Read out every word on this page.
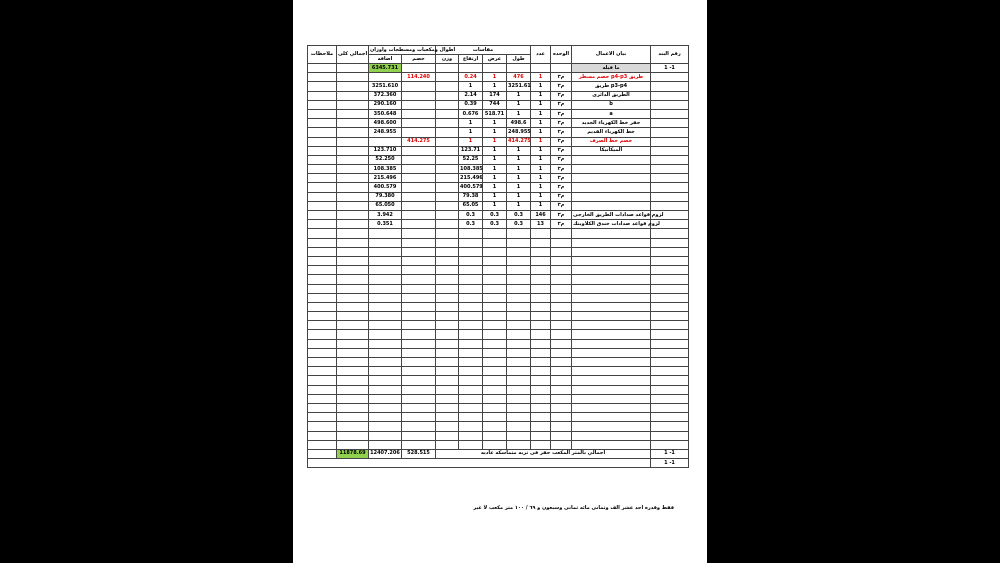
ملاحظات	اجمالي كلى	اطوال ومكعبات ومسطحات واوزان		مقاسات				عدد	الوحده	بيان الاعمال	رقم البند
		اضافه	خصم	وزن	ارتفاع	عرض	طول				
		6345.731								ما قبله	1 -1
			114.240		0.24	1	476	1	م٣	خصم مسطر p4-p3 طريق	
		3251.610			1	1	3251.61	1	م٣	طريق p3-p4	
		372.360			2.14	174	1	1	م٣	الطريق الدائرى	
		290.160			0.39	744	1	1	م٣	b	
		350.648			0.676	518.71	1	1	م٣	a	
		498.600			1	1	498.6	1	م٣	حفر خط الكهرباء الجديد	
		248.955			1	1	248.955	1	م٣	خط الكهرباء القديم	
			414.275		1	1	414.275	1	م٣	خصم خط الصرف	
		123.710			123.71	1	1	1	م٣	الميكانيكا	
		52.250			52.25	1	1	1	م٣		
		108.385			108.385	1	1	1	م٣		
		215.496			215.496	1	1	1	م٣		
		400.579			400.579	1	1	1	م٣		
		79.380			79.38	1	1	1	م٣		
		65.050			65.05	1	1	1	م٣		
		3.942			0.3	0.3	0.3	146	م٣	لزوم قواعد صدادات الطريق الخارجى	
		0.351			0.3	0.3	0.3	13	م٣	لزوم قواعد صدادات خندق الكلاوينك	

	11878.69	12407.206	528.515	اجمالي بالمتر المكعب حفر فى تربه متماسكه عاديه							1 -1
											1 -1
فقط وقدره احد عشر الف وثمانى مائه ثمانى وسبعون و ٦٩ / ١٠٠ متر مكعب لا غير
